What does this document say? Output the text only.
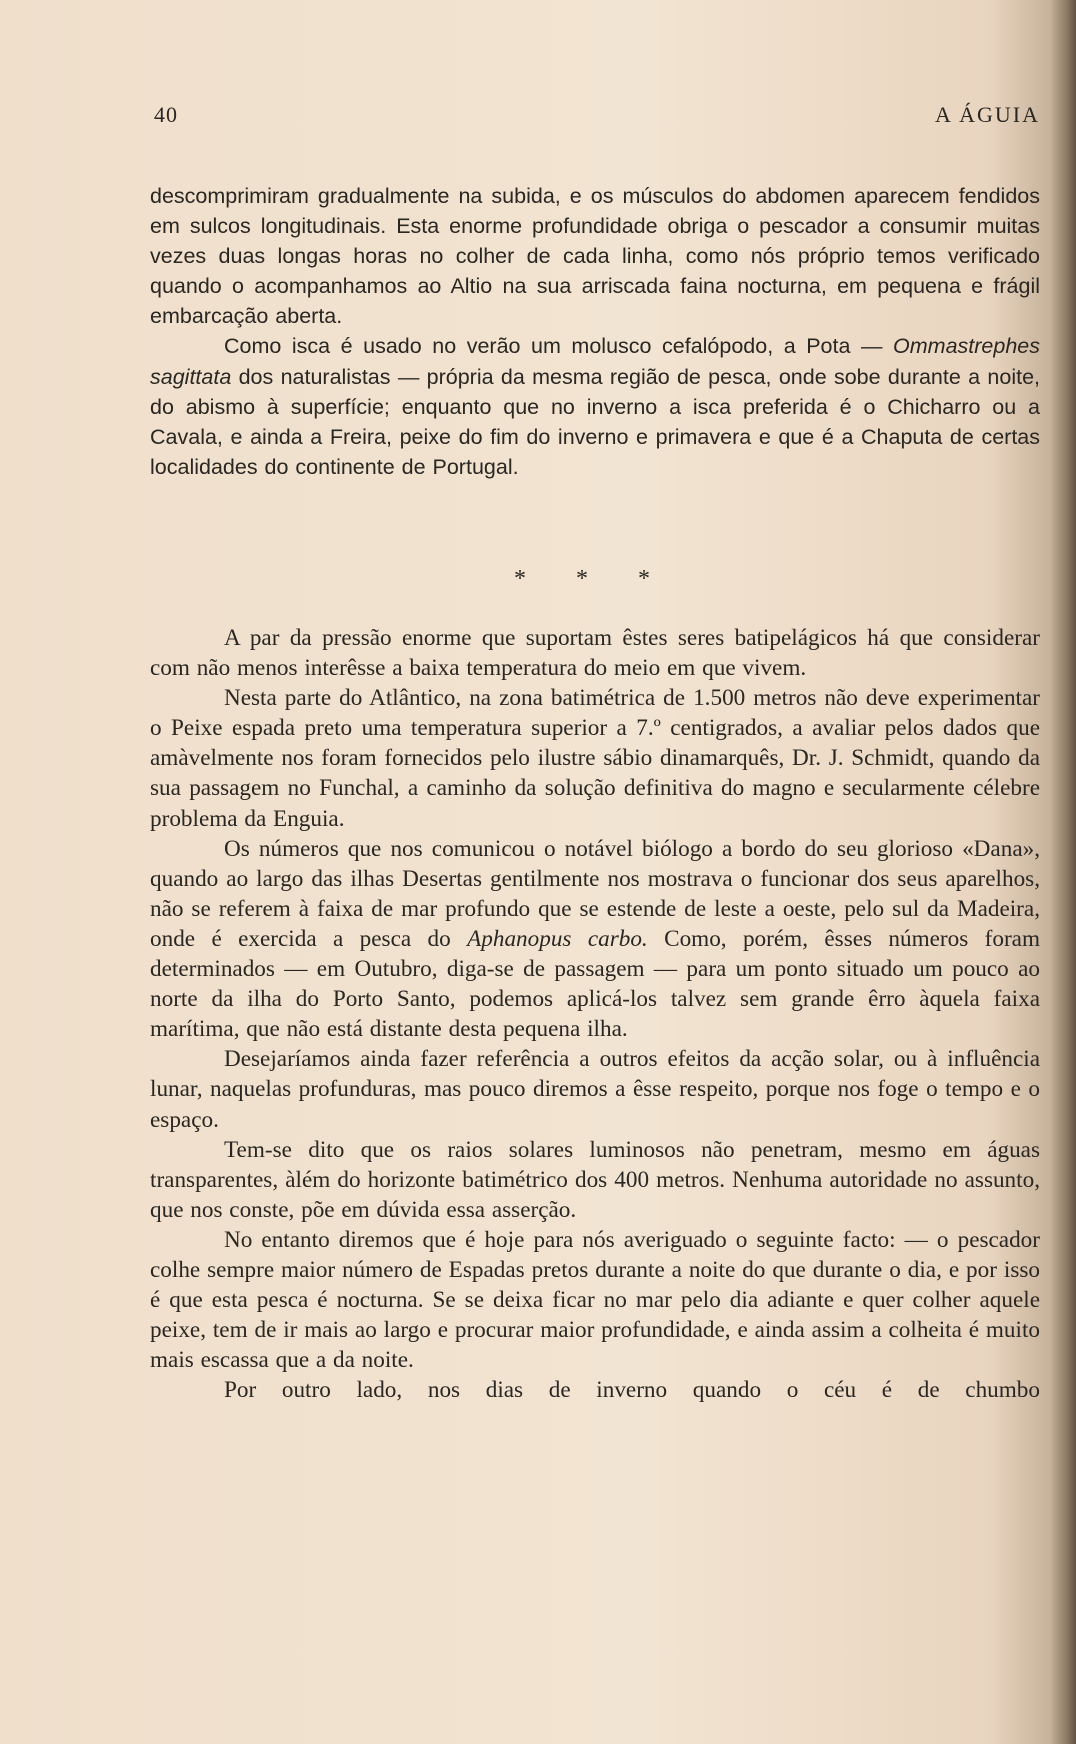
40	A ÁGUIA

descomprimiram gradualmente na subida, e os músculos do abdomen aparecem fendidos em sulcos longitudinais. Esta enorme profundidade obriga o pescador a consumir muitas vezes duas longas horas no colher de cada linha, como nós próprio temos verificado quando o acompanhamos ao Altio na sua arriscada faina nocturna, em pequena e frágil embarcação aberta.

Como isca é usado no verão um molusco cefalópodo, a Pota — Ommastrephes sagittata dos naturalistas — própria da mesma região de pesca, onde sobe durante a noite, do abismo à superfície; enquanto que no inverno a isca preferida é o Chicharro ou a Cavala, e ainda a Freira, peixe do fim do inverno e primavera e que é a Chaputa de certas localidades do continente de Portugal.

* * *

A par da pressão enorme que suportam êstes seres batipelágicos há que considerar com não menos interêsse a baixa temperatura do meio em que vivem.

Nesta parte do Atlântico, na zona batimétrica de 1.500 metros não deve experimentar o Peixe espada preto uma temperatura superior a 7.º centigrados, a avaliar pelos dados que amàvelmente nos foram fornecidos pelo ilustre sábio dinamarquês, Dr. J. Schmidt, quando da sua passagem no Funchal, a caminho da solução definitiva do magno e secularmente célebre problema da Enguia.

Os números que nos comunicou o notável biólogo a bordo do seu glorioso «Dana», quando ao largo das ilhas Desertas gentilmente nos mostrava o funcionar dos seus aparelhos, não se referem à faixa de mar profundo que se estende de leste a oeste, pelo sul da Madeira, onde é exercida a pesca do Aphanopus carbo. Como, porém, êsses números foram determinados — em Outubro, diga-se de passagem — para um ponto situado um pouco ao norte da ilha do Porto Santo, podemos aplicá-los talvez sem grande êrro àquela faixa marítima, que não está distante desta pequena ilha.

Desejaríamos ainda fazer referência a outros efeitos da acção solar, ou à influência lunar, naquelas profunduras, mas pouco diremos a êsse respeito, porque nos foge o tempo e o espaço.

Tem-se dito que os raios solares luminosos não penetram, mesmo em águas transparentes, àlém do horizonte batimétrico dos 400 metros. Nenhuma autoridade no assunto, que nos conste, põe em dúvida essa asserção.

No entanto diremos que é hoje para nós averiguado o seguinte facto: — o pescador colhe sempre maior número de Espadas pretos durante a noite do que durante o dia, e por isso é que esta pesca é nocturna. Se se deixa ficar no mar pelo dia adiante e quer colher aquele peixe, tem de ir mais ao largo e procurar maior profundidade, e ainda assim a colheita é muito mais escassa que a da noite.

Por outro lado, nos dias de inverno quando o céu é de chumbo
